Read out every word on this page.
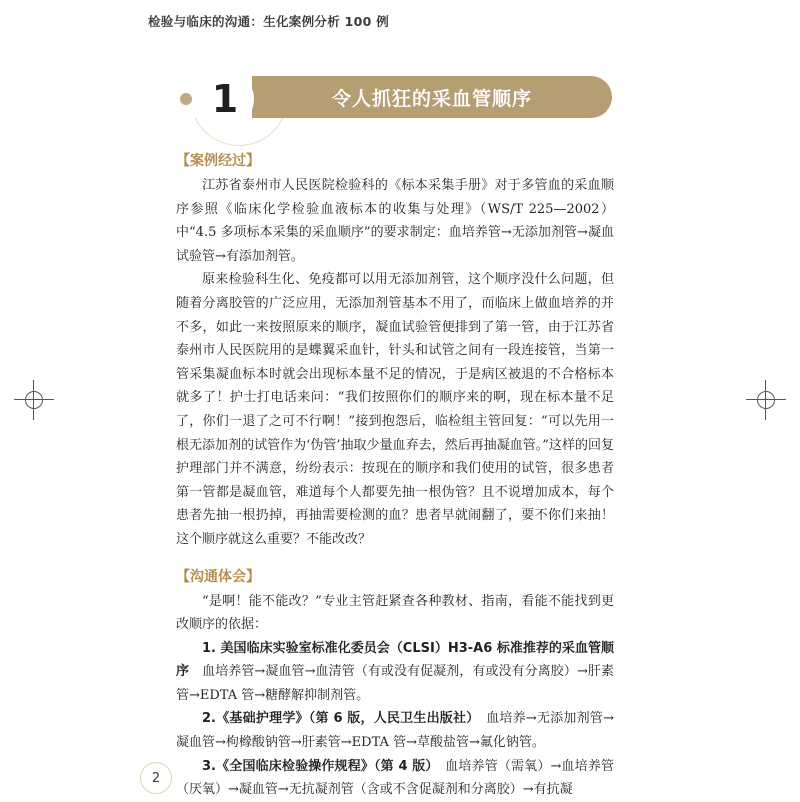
检验与临床的沟通：生化案例分析 100 例
1	令人抓狂的采血管顺序
【案例经过】

江苏省泰州市人民医院检验科的《标本采集手册》对于多管血的采血顺序参照《临床化学检验血液标本的收集与处理》（WS/T 225—2002）中“4.5 多项标本采集的采血顺序”的要求制定：血培养管→无添加剂管→凝血试验管→有添加剂管。

原来检验科生化、免疫都可以用无添加剂管，这个顺序没什么问题，但随着分离胶管的广泛应用，无添加剂管基本不用了，而临床上做血培养的并不多，如此一来按照原来的顺序，凝血试验管便排到了第一管，由于江苏省泰州市人民医院用的是蝶翼采血针，针头和试管之间有一段连接管，当第一管采集凝血标本时就会出现标本量不足的情况，于是病区被退的不合格标本就多了！护士打电话来问：“我们按照你们的顺序来的啊，现在标本量不足了，你们一退了之可不行啊！”接到抱怨后，临检组主管回复：“可以先用一根无添加剂的试管作为‘伪管’抽取少量血弃去，然后再抽凝血管。”这样的回复护理部门并不满意，纷纷表示：按现在的顺序和我们使用的试管，很多患者第一管都是凝血管，难道每个人都要先抽一根伪管？且不说增加成本，每个患者先抽一根扔掉，再抽需要检测的血？患者早就闹翻了，要不你们来抽！这个顺序就这么重要？不能改改？

【沟通体会】

“是啊！能不能改？”专业主管赶紧查各种教材、指南，看能不能找到更改顺序的依据：

1. 美国临床实验室标准化委员会（CLSI）H3-A6 标准推荐的采血管顺序　血培养管→凝血管→血清管（有或没有促凝剂，有或没有分离胶）→肝素管→EDTA 管→糖酵解抑制剂管。

2.《基础护理学》（第 6 版，人民卫生出版社）　血培养→无添加剂管→凝血管→枸橼酸钠管→肝素管→EDTA 管→草酸盐管→氟化钠管。

3.《全国临床检验操作规程》（第 4 版）　血培养管（需氧）→血培养管（厌氧）→凝血管→无抗凝剂管（含或不含促凝剂和分离胶）→有抗凝

2
